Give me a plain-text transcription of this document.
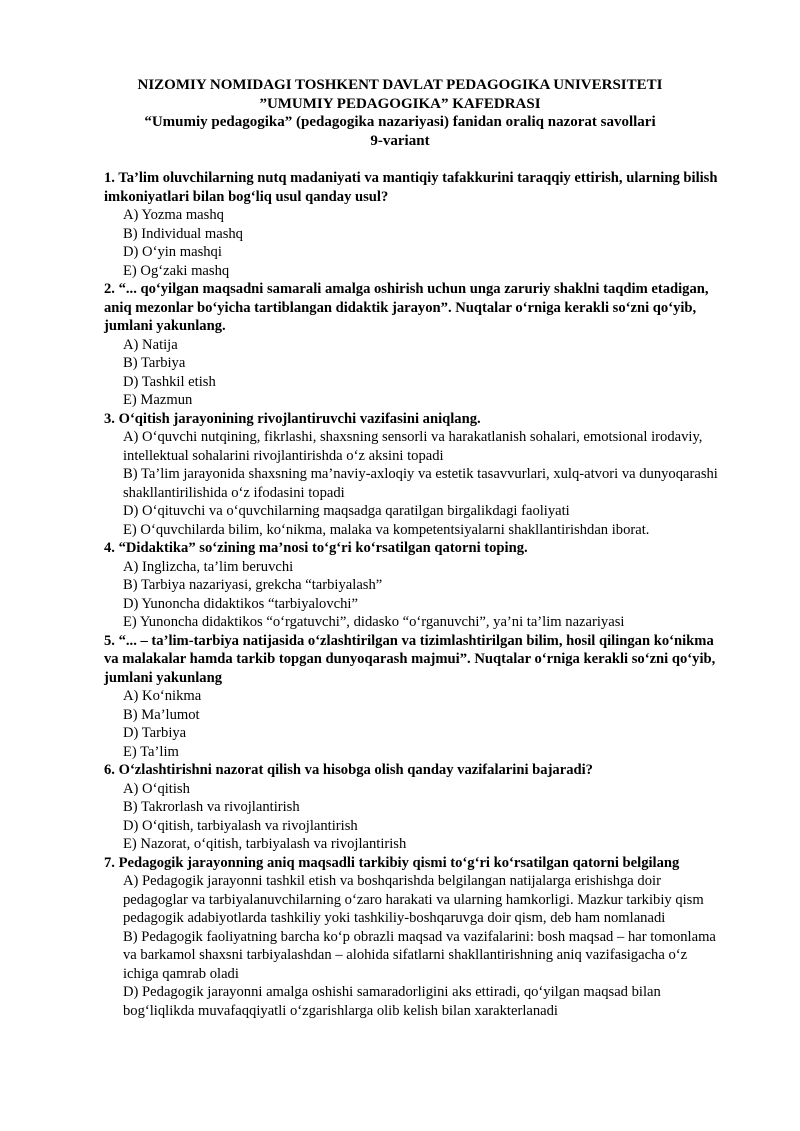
NIZOMIY NOMIDAGI TOSHKENT DAVLAT PEDAGOGIKA UNIVERSITETI
”UMUMIY PEDAGOGIKA” KAFEDRASI
“Umumiy pedagogika” (pedagogika nazariyasi) fanidan oraliq nazorat savollari
9-variant
1. Ta’lim oluvchilarning nutq madaniyati va mantiqiy tafakkurini taraqqiy ettirish, ularning bilish imkoniyatlari bilan bog‘liq usul qanday usul?
A) Yozma mashq
B) Individual mashq
D) O‘yin mashqi
E) Og‘zaki mashq
2. “... qo‘yilgan maqsadni samarali amalga oshirish uchun unga zaruriy shaklni taqdim etadigan, aniq mezonlar bo‘yicha tartiblangan didaktik jarayon”. Nuqtalar o‘rniga kerakli so‘zni qo‘yib, jumlani yakunlang.
A) Natija
B) Tarbiya
D) Tashkil etish
E) Mazmun
3. O‘qitish jarayonining rivojlantiruvchi vazifasini aniqlang.
A) O‘quvchi nutqining, fikrlashi, shaxsning sensorli va harakatlanish sohalari, emotsional irodaviy, intellektual sohalarini rivojlantirishda o‘z aksini topadi
B) Ta’lim jarayonida shaxsning ma’naviy-axloqiy va estetik tasavvurlari, xulq-atvori va dunyoqarashi shakllantirilishida o‘z ifodasini topadi
D) O‘qituvchi va o‘quvchilarning maqsadga qaratilgan birgalikdagi faoliyati
E) O‘quvchilarda bilim, ko‘nikma, malaka va kompetentsiyalarni shakllantirishdan iborat.
4. “Didaktika” so‘zining ma’nosi to‘g‘ri ko‘rsatilgan qatorni toping.
A) Inglizcha, ta’lim beruvchi
B) Tarbiya nazariyasi, grekcha “tarbiyalash”
D) Yunoncha didaktikos “tarbiyalovchi”
E) Yunoncha didaktikos “o‘rgatuvchi”, didasko “o‘rganuvchi”, ya’ni ta’lim nazariyasi
5. “... – ta’lim-tarbiya natijasida o‘zlashtirilgan va tizimlashtirilgan bilim, hosil qilingan ko‘nikma va malakalar hamda tarkib topgan dunyoqarash majmui”. Nuqtalar o‘rniga kerakli so‘zni qo‘yib, jumlani yakunlang
A) Ko‘nikma
B) Ma’lumot
D) Tarbiya
E) Ta’lim
6. O‘zlashtirishni nazorat qilish va hisobga olish qanday vazifalarini bajaradi?
A) O‘qitish
B) Takrorlash va rivojlantirish
D) O‘qitish, tarbiyalash va rivojlantirish
E) Nazorat, o‘qitish, tarbiyalash va rivojlantirish
7. Pedagogik jarayonning aniq maqsadli tarkibiy qismi to‘g‘ri ko‘rsatilgan qatorni belgilang
A) Pedagogik jarayonni tashkil etish va boshqarishda belgilangan natijalarga erishishga doir pedagoglar va tarbiyalanuvchilarning o‘zaro harakati va ularning hamkorligi. Mazkur tarkibiy qism pedagogik adabiyotlarda tashkiliy yoki tashkiliy-boshqaruvga doir qism, deb ham nomlanadi
B) Pedagogik faoliyatning barcha ko‘p obrazli maqsad va vazifalarini: bosh maqsad – har tomonlama va barkamol shaxsni tarbiyalashdan – alohida sifatlarni shakllantirishning aniq vazifasigacha o‘z ichiga qamrab oladi
D) Pedagogik jarayonni amalga oshishi samaradorligini aks ettiradi, qo‘yilgan maqsad bilan bog‘liqlikda muvafaqqiyatli o‘zgarishlarga olib kelish bilan xarakterlanadi
